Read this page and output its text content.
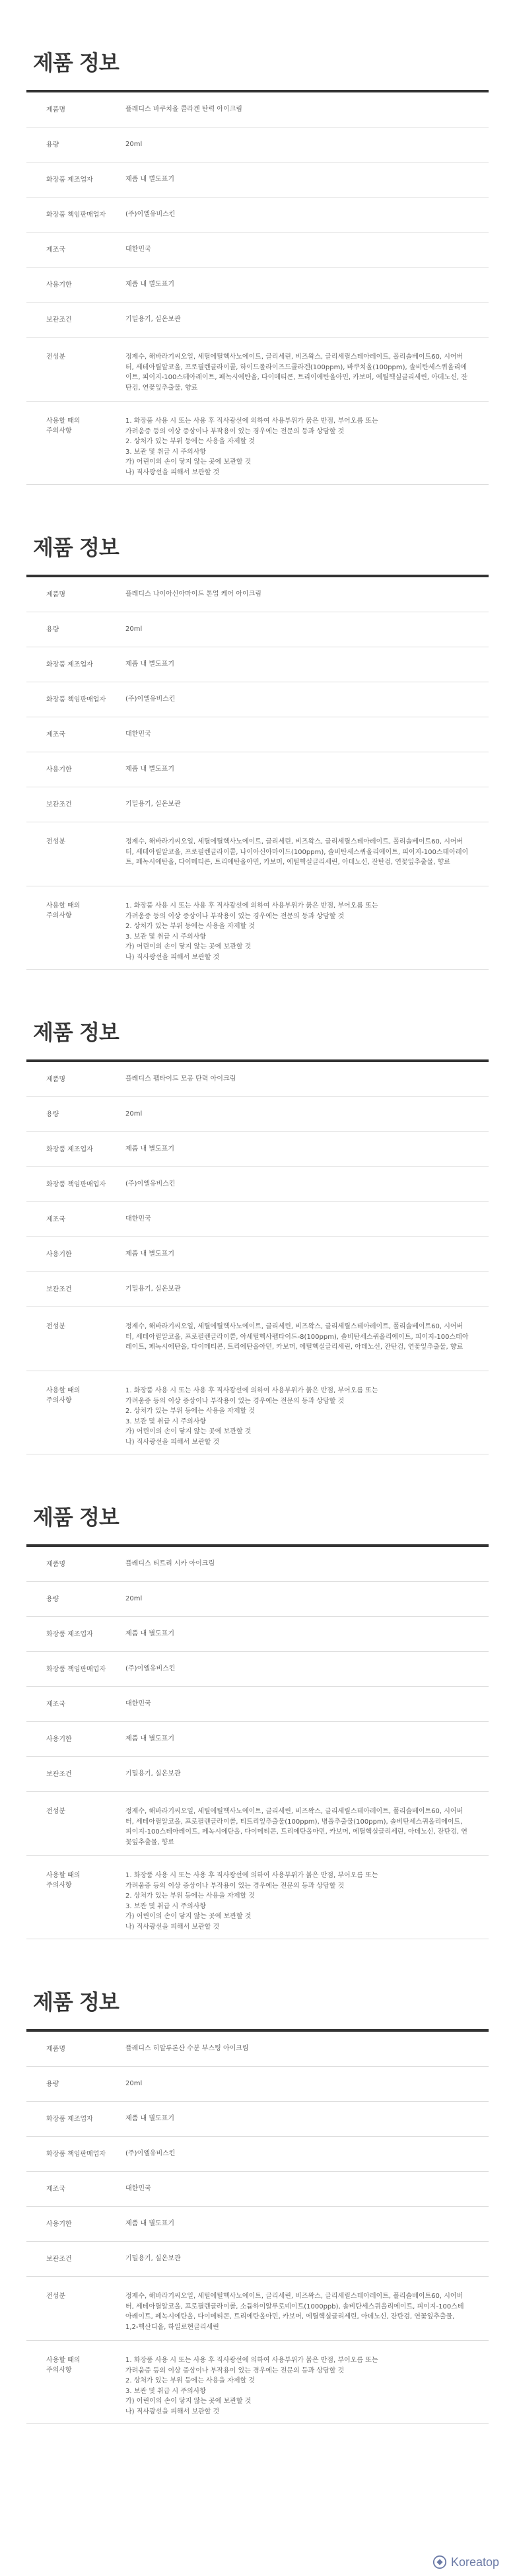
제품 정보
제품명	플레디스 바쿠치올 콜라겐 탄력 아이크림
용량	20ml
화장품 제조업자	제품 내 별도표기
화장품 책임판매업자	(주)이엘유비스킨
제조국	대한민국
사용기한	제품 내 별도표기
보관조건	기밀용기, 실온보관
전성분	정제수, 해바라기씨오일, 세틸에틸헥사노에이트, 글리세린, 비즈왁스, 글리세릴스테아레이트, 폴리솔베이트60, 시어버터, 세테아릴알코올, 프로필렌글라이콜, 하이드롤라이즈드콜라겐(100ppm), 바쿠치올(100ppm), 솔비탄세스퀴올리에이트, 피이지-100스테아레이트, 페녹시에탄올, 다이메티콘, 트리이에탄올아민, 카보머, 에틸헥실글리세린, 아데노신, 잔탄검, 연꽃잎추출물, 향료
사용할 때의
주의사항
1. 화장품 사용 시 또는 사용 후 직사광선에 의하여 사용부위가 붉은 반점, 부어오름 또는
가려움증 등의 이상 증상이나 부작용이 있는 경우에는 전문의 등과 상담할 것
2. 상처가 있는 부위 등에는 사용을 자제할 것
3. 보관 및 취급 시 주의사항
가) 어린이의 손이 닿지 않는 곳에 보관할 것
나) 직사광선을 피해서 보관할 것
제품 정보
제품명	플레디스 나이아신아마이드 톤업 케어 아이크림
용량	20ml
화장품 제조업자	제품 내 별도표기
화장품 책임판매업자	(주)이엘유비스킨
제조국	대한민국
사용기한	제품 내 별도표기
보관조건	기밀용기, 실온보관
전성분	정제수, 해바라기씨오일, 세틸에틸헥사노에이트, 글리세린, 비즈왁스, 글리세릴스테아레이트, 폴리솔베이트60, 시어버터, 세테아릴알코올, 프로필렌글라이콜, 나이아신아마이드(100ppm), 솔비탄세스퀴올리에이트, 피이지-100스테아레이트, 페녹시에탄올, 다이메티콘, 트리에탄올아민, 카보머, 에틸헥실글리세린, 아데노신, 잔탄검, 연꽃잎추출물, 향료
사용할 때의
주의사항
1. 화장품 사용 시 또는 사용 후 직사광선에 의하여 사용부위가 붉은 반점, 부어오름 또는
가려움증 등의 이상 증상이나 부작용이 있는 경우에는 전문의 등과 상담할 것
2. 상처가 있는 부위 등에는 사용을 자제할 것
3. 보관 및 취급 시 주의사항
가) 어린이의 손이 닿지 않는 곳에 보관할 것
나) 직사광선을 피해서 보관할 것
제품 정보
제품명	플레디스 펩타이드 모공 탄력 아이크림
용량	20ml
화장품 제조업자	제품 내 별도표기
화장품 책임판매업자	(주)이엘유비스킨
제조국	대한민국
사용기한	제품 내 별도표기
보관조건	기밀용기, 실온보관
전성분	정제수, 해바라기씨오일, 세틸에틸헥사노에이트, 글리세린, 비즈왁스, 글리세릴스테아레이트, 폴리솔베이트60, 시어버터, 세테아릴알코올, 프로필렌글라이콜, 아세틸헥사펩타이드-8(100ppm), 솔비탄세스퀴올리에이트, 피이지-100스테아레이트, 페녹시에탄올, 다이메티콘, 트리에탄올아민, 카보머, 에틸헥실글리세린, 아데노신, 잔탄검, 연꽃잎추출물, 향료
사용할 때의
주의사항
1. 화장품 사용 시 또는 사용 후 직사광선에 의하여 사용부위가 붉은 반점, 부어오름 또는
가려움증 등의 이상 증상이나 부작용이 있는 경우에는 전문의 등과 상담할 것
2. 상처가 있는 부위 등에는 사용을 자제할 것
3. 보관 및 취급 시 주의사항
가) 어린이의 손이 닿지 않는 곳에 보관할 것
나) 직사광선을 피해서 보관할 것
제품 정보
제품명	플레디스 티트리 시카 아이크림
용량	20ml
화장품 제조업자	제품 내 별도표기
화장품 책임판매업자	(주)이엘유비스킨
제조국	대한민국
사용기한	제품 내 별도표기
보관조건	기밀용기, 실온보관
전성분	정제수, 해바라기씨오일, 세틸에틸헥사노에이트, 글리세린, 비즈왁스, 글리세릴스테아레이트, 폴리솔베이트60, 시어버터, 세테아릴알코올, 프로필렌글라이콜, 티트리잎추출물(100ppm), 병풀추출물(100ppm), 솔비탄세스퀴올리에이트, 피이지-100스테아레이트, 페녹시에탄올, 다이메티콘, 트리에탄올아민, 카보머, 에틸헥실글리세린, 아데노신, 잔탄검, 연꽃잎추출물, 향료
사용할 때의
주의사항
1. 화장품 사용 시 또는 사용 후 직사광선에 의하여 사용부위가 붉은 반점, 부어오름 또는
가려움증 등의 이상 증상이나 부작용이 있는 경우에는 전문의 등과 상담할 것
2. 상처가 있는 부위 등에는 사용을 자제할 것
3. 보관 및 취급 시 주의사항
가) 어린이의 손이 닿지 않는 곳에 보관할 것
나) 직사광선을 피해서 보관할 것
제품 정보
제품명	플레디스 히알루론산 수분 부스팅 아이크림
용량	20ml
화장품 제조업자	제품 내 별도표기
화장품 책임판매업자	(주)이엘유비스킨
제조국	대한민국
사용기한	제품 내 별도표기
보관조건	기밀용기, 실온보관
전성분	정제수, 해바라기씨오일, 세틸에틸헥사노에이트, 글리세린, 비즈왁스, 글리세릴스테아레이트, 폴리솔베이트60, 시어버터, 세테아릴알코올, 프로필렌글라이콜, 소듐하이알루로네이트(1000ppb), 솔비탄세스퀴올리에이트, 피이지-100스테아레이트, 페녹시에탄올, 다이메티콘, 트리에탄올아민, 카보머, 에틸헥실글리세린, 아데노신, 잔탄검, 연꽃잎추출물, 1,2-헥산디올, 하일로현글리세린
사용할 때의
주의사항
1. 화장품 사용 시 또는 사용 후 직사광선에 의하여 사용부위가 붉은 반점, 부어오름 또는
가려움증 등의 이상 증상이나 부작용이 있는 경우에는 전문의 등과 상담할 것
2. 상처가 있는 부위 등에는 사용을 자제할 것
3. 보관 및 취급 시 주의사항
가) 어린이의 손이 닿지 않는 곳에 보관할 것
나) 직사광선을 피해서 보관할 것
Koreatop
